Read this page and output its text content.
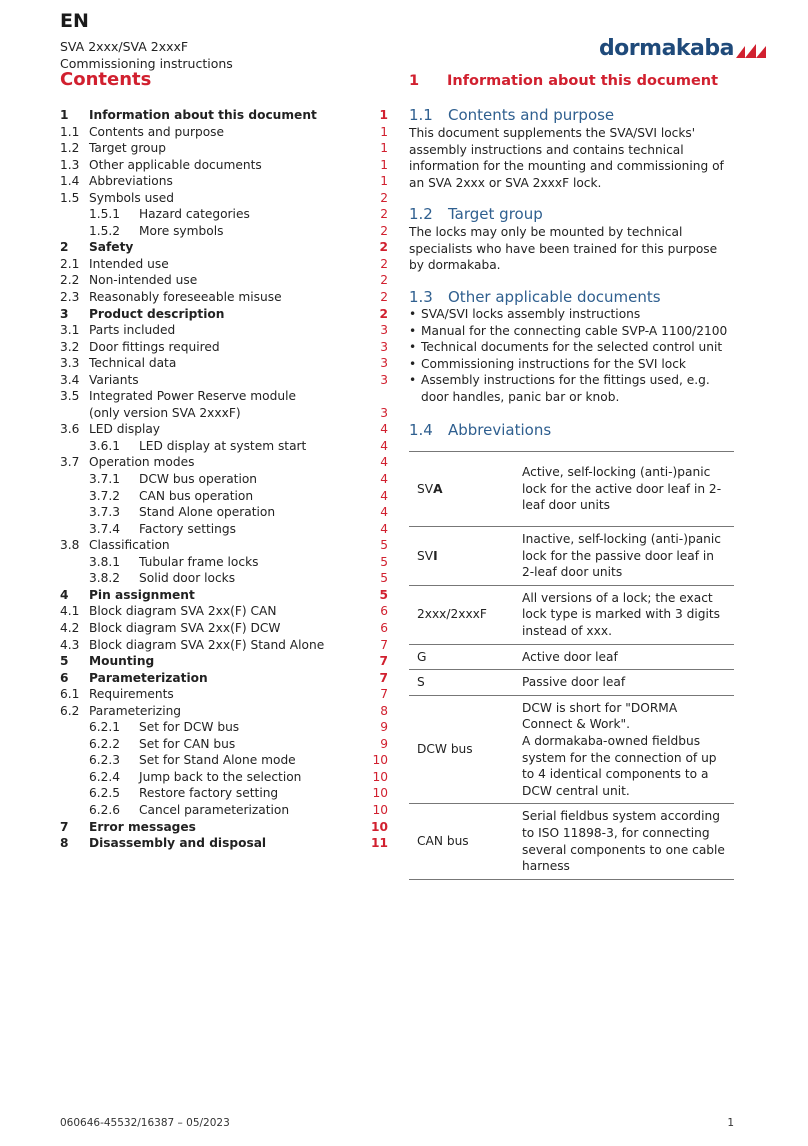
EN
SVA 2xxx/SVA 2xxxF
Commissioning instructions
dormakaba
Contents
1 Information about this document	1
1.1 Contents and purpose	1
1.2 Target group	1
1.3 Other applicable documents	1
1.4 Abbreviations	1
1.5 Symbols used	2
1.5.1 Hazard categories	2
1.5.2 More symbols	2
2 Safety	2
2.1 Intended use	2
2.2 Non-intended use	2
2.3 Reasonably foreseeable misuse	2
3 Product description	2
3.1 Parts included	3
3.2 Door fittings required	3
3.3 Technical data	3
3.4 Variants	3
3.5 Integrated Power Reserve module
(only version SVA 2xxxF)	3
3.6 LED display	4
3.6.1 LED display at system start	4
3.7 Operation modes	4
3.7.1 DCW bus operation	4
3.7.2 CAN bus operation	4
3.7.3 Stand Alone operation	4
3.7.4 Factory settings	4
3.8 Classification	5
3.8.1 Tubular frame locks	5
3.8.2 Solid door locks	5
4 Pin assignment	5
4.1 Block diagram SVA 2xx(F) CAN	6
4.2 Block diagram SVA 2xx(F) DCW	6
4.3 Block diagram SVA 2xx(F) Stand Alone	7
5 Mounting	7
6 Parameterization	7
6.1 Requirements	7
6.2 Parameterizing	8
6.2.1 Set for DCW bus	9
6.2.2 Set for CAN bus	9
6.2.3 Set for Stand Alone mode	10
6.2.4 Jump back to the selection	10
6.2.5 Restore factory setting	10
6.2.6 Cancel parameterization	10
7 Error messages	10
8 Disassembly and disposal	11
1 Information about this document
1.1 Contents and purpose
This document supplements the SVA/SVI locks' assembly instructions and contains technical information for the mounting and commissioning of an SVA 2xxx or SVA 2xxxF lock.
1.2 Target group
The locks may only be mounted by technical specialists who have been trained for this purpose by dormakaba.
1.3 Other applicable documents
• SVA/SVI locks assembly instructions
• Manual for the connecting cable SVP-A 1100/2100
• Technical documents for the selected control unit
• Commissioning instructions for the SVI lock
• Assembly instructions for the fittings used, e.g. door handles, panic bar or knob.
1.4 Abbreviations
SVA	Active, self-locking (anti-)panic lock for the active door leaf in 2-leaf door units
SVI	Inactive, self-locking (anti-)panic lock for the passive door leaf in 2-leaf door units
2xxx/2xxxF	All versions of a lock; the exact lock type is marked with 3 digits instead of xxx.
G	Active door leaf
S	Passive door leaf
DCW bus	DCW is short for "DORMA Connect & Work".
A dormakaba-owned fieldbus system for the connection of up to 4 identical components to a DCW central unit.

CAN bus	Serial fieldbus system according to ISO 11898-3, for connecting several components to one cable harness
060646-45532/16387 – 05/2023	1
